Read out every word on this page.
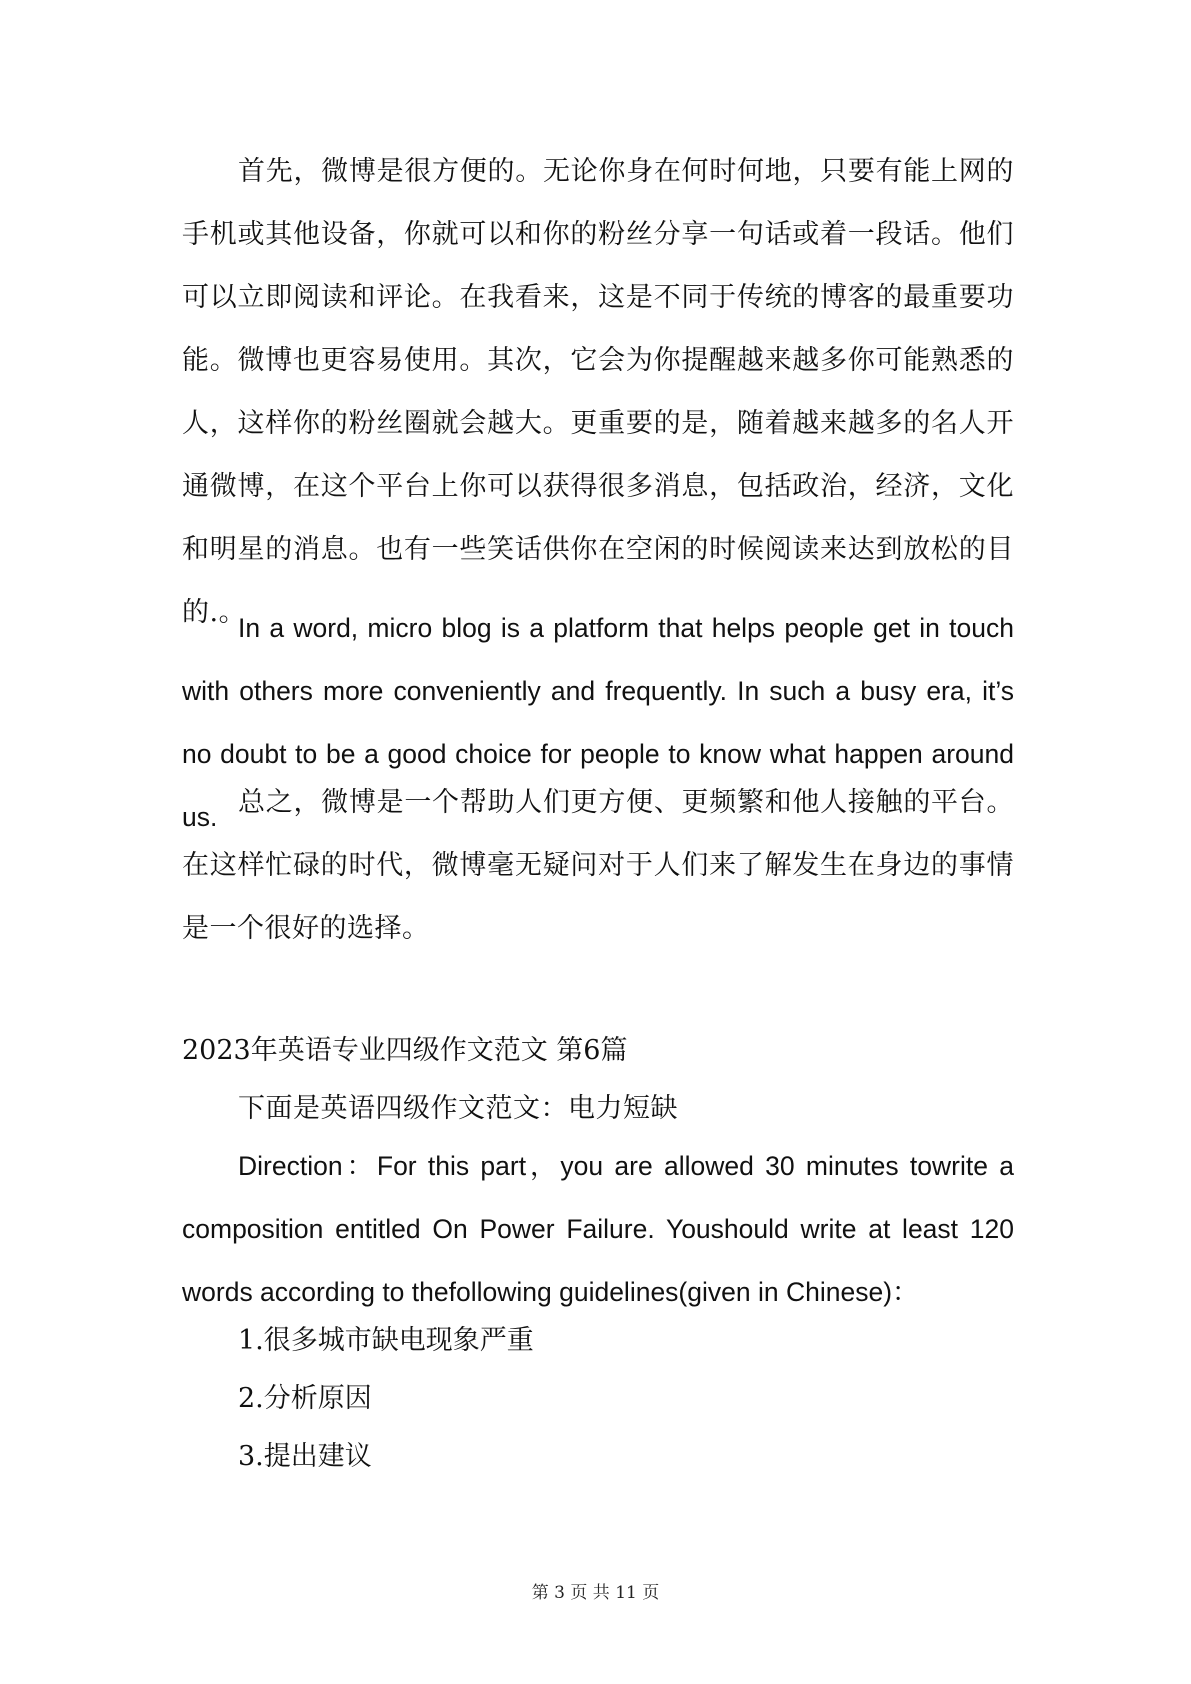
首先，微博是很方便的。无论你身在何时何地，只要有能上网的手机或其他设备，你就可以和你的粉丝分享一句话或着一段话。他们可以立即阅读和评论。在我看来，这是不同于传统的博客的最重要功能。微博也更容易使用。其次，它会为你提醒越来越多你可能熟悉的人，这样你的粉丝圈就会越大。更重要的是，随着越来越多的名人开通微博，在这个平台上你可以获得很多消息，包括政治，经济，文化和明星的消息。也有一些笑话供你在空闲的时候阅读来达到放松的目的.。

In a word, micro blog is a platform that helps people get in touch with others more conveniently and frequently. In such a busy era, it’s no doubt to be a good choice for people to know what happen around us. 总之，微博是一个帮助人们更方便、更频繁和他人接触的平台。在这样忙碌的时代，微博毫无疑问对于人们来了解发生在身边的事情是一个很好的选择。

2023年英语专业四级作文范文 第6篇

下面是英语四级作文范文：电力短缺

Direction：For this part，you are allowed 30 minutes towrite a composition entitled On Power Failure. Youshould write at least 120 words according to thefollowing guidelines(given in Chinese)：

1.很多城市缺电现象严重

2.分析原因

3.提出建议

第 3 页 共 11 页
